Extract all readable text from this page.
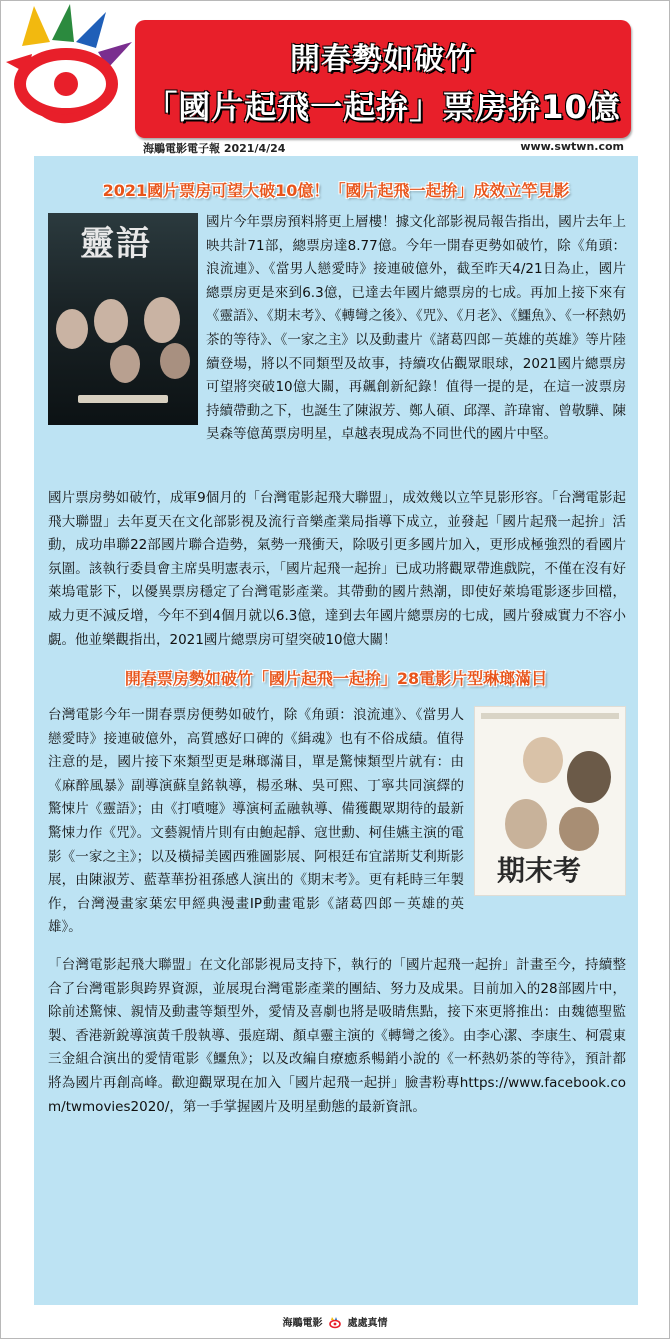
開春勢如破竹
「國片起飛一起拚」票房拚10億
海鵰電影電子報 2021/4/24	www.swtwn.com
2021國片票房可望大破10億！「國片起飛一起拚」成效立竿見影
靈語
國片今年票房預料將更上層樓！據文化部影視局報告指出，國片去年上映共計71部，總票房達8.77億。今年一開春更勢如破竹，除《角頭：浪流連》、《當男人戀愛時》接連破億外，截至昨天4/21日為止，國片總票房更是來到6.3億，已達去年國片總票房的七成。再加上接下來有《靈語》、《期末考》、《轉彎之後》、《咒》、《月老》、《鱷魚》、《一杯熱奶茶的等待》、《一家之主》以及動畫片《諸葛四郎－英雄的英雄》等片陸續登場，將以不同類型及故事，持續攻佔觀眾眼球，2021國片總票房可望將突破10億大關，再飆創新紀錄！值得一提的是，在這一波票房持續帶動之下，也誕生了陳淑芳、鄭人碩、邱澤、許瑋甯、曾敬驊、陳昊森等億萬票房明星，卓越表現成為不同世代的國片中堅。
國片票房勢如破竹，成軍9個月的「台灣電影起飛大聯盟」，成效幾以立竿見影形容。「台灣電影起飛大聯盟」去年夏天在文化部影視及流行音樂產業局指導下成立，並發起「國片起飛一起拚」活動，成功串聯22部國片聯合造勢，氣勢一飛衝天，除吸引更多國片加入，更形成極強烈的看國片氛圍。該執行委員會主席吳明憲表示，「國片起飛一起拚」已成功將觀眾帶進戲院，不僅在沒有好萊塢電影下，以優異票房穩定了台灣電影產業。其帶動的國片熱潮，即使好萊塢電影逐步回檔，威力更不減反增，今年不到4個月就以6.3億，達到去年國片總票房的七成，國片發威實力不容小覷。他並樂觀指出，2021國片總票房可望突破10億大關！
開春票房勢如破竹「國片起飛一起拚」28電影片型琳瑯滿目
期末考
台灣電影今年一開春票房便勢如破竹，除《角頭：浪流連》、《當男人戀愛時》接連破億外，高質感好口碑的《緝魂》也有不俗成績。值得注意的是，國片接下來類型更是琳瑯滿目，單是驚悚類型片就有：由《麻醉風暴》副導演蘇皇銘執導，楊丞琳、吳可熙、丁寧共同演繹的驚悚片《靈語》；由《打噴嚏》導演柯孟融執導、備獲觀眾期待的最新驚悚力作《咒》。文藝親情片則有由鮑起靜、寇世勳、柯佳嬿主演的電影《一家之主》；以及橫掃美國西雅圖影展、阿根廷布宜諾斯艾利斯影展，由陳淑芳、藍葦華扮祖孫感人演出的《期末考》。更有耗時三年製作，台灣漫畫家葉宏甲經典漫畫IP動畫電影《諸葛四郎－英雄的英雄》。
「台灣電影起飛大聯盟」在文化部影視局支持下，執行的「國片起飛一起拚」計畫至今，持續整合了台灣電影與跨界資源，並展現台灣電影產業的團結、努力及成果。目前加入的28部國片中，除前述驚悚、親情及動畫等類型外，愛情及喜劇也將是吸睛焦點，接下來更將推出：由魏德聖監製、香港新銳導演黃千殷執導、張庭瑚、顏卓靈主演的《轉彎之後》。由李心潔、李康生、柯震東三金組合演出的愛情電影《鱷魚》；以及改編自療癒系暢銷小說的《一杯熱奶茶的等待》，預計都將為國片再創高峰。歡迎觀眾現在加入「國片起飛一起拼」臉書粉專https://www.facebook.com/twmovies2020/，第一手掌握國片及明星動態的最新資訊。
海鵰電影 處處真情
